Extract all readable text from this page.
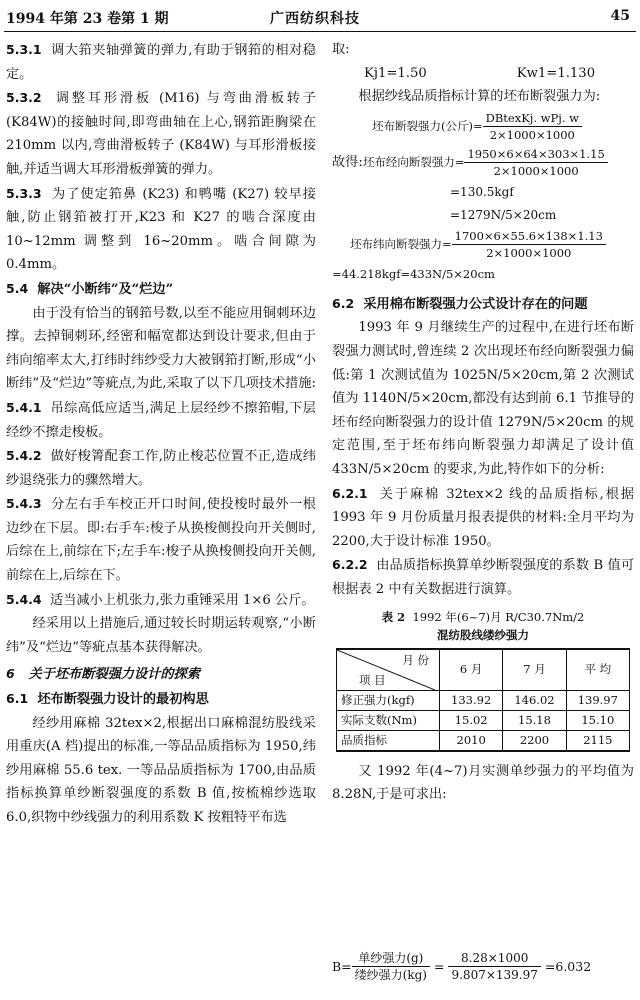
1994 年第 23 卷第 1 期	广西纺织科技	45

5.3.1 调大筘夹轴弹簧的弹力,有助于钢筘的相对稳定。

5.3.2 调整耳形滑板 (M16) 与弯曲滑板转子(K84W)的接触时间,即弯曲轴在上心,钢筘距胸梁在 210mm 以内,弯曲滑板转子 (K84W) 与耳形滑板接触,并适当调大耳形滑板弹簧的弹力。

5.3.3 为了使定筘鼻 (K23) 和鸭嘴 (K27) 较早接触,防止钢筘被打开,K23 和 K27 的啮合深度由 10~12mm 调整到 16~20mm。啮合间隙为 0.4mm。

5.4 解决“小断纬”及“烂边”

由于没有恰当的钢筘号数,以至不能应用铜刺环边撑。去掉铜刺环,经密和幅宽都达到设计要求,但由于纬向缩率太大,打纬时纬纱受力大被钢筘打断,形成“小断纬”及“烂边”等疵点,为此,采取了以下几项技术措施:

5.4.1 吊综高低应适当,满足上层经纱不擦筘帽,下层经纱不擦走梭板。

5.4.2 做好梭箐配套工作,防止梭芯位置不正,造成纬纱退绕张力的骤然增大。

5.4.3 分左右手车校正开口时间,使投梭时最外一根边纱在下层。即:右手车:梭子从换梭侧投向开关侧时,后综在上,前综在下;左手车:梭子从换梭侧投向开关侧,前综在上,后综在下。

5.4.4 适当减小上机张力,张力重锤采用 1×6 公斤。

经采用以上措施后,通过较长时期运转观察,“小断纬”及“烂边”等疵点基本获得解决。

6 关于坯布断裂强力设计的探索

6.1 坯布断裂强力设计的最初构思

经纱用麻棉 32tex×2,根据出口麻棉混纺股线采用重庆(A 档)提出的标准,一等品品质指标为 1950,纬纱用麻棉 55.6 tex. 一等品品质指标为 1700,由品质指标换算单纱断裂强度的系数 B 值,按梳棉纱选取 6.0,织物中纱线强力的利用系数 K 按粗特平布选

取:

Kj1=1.50	Kw1=1.130

根据纱线品质指标计算的坯布断裂强力为:

坯布断裂强力(公斤)= $\frac{\text{DBtexKj. wPj. w}}{2\times 1000\times 1000}$
故得: 坯布经向断裂强力= $\frac{1950\times 6\times 64\times 303\times 1.15}{2\times 1000\times 1000}$
=130.5kgf
=1279N/5×20cm
坯布纬向断裂强力= $\frac{1700\times 6\times 55.6\times 138\times 1.13}{2\times 1000\times 1000}$
=44.218kgf=433N/5×20cm

6.2 采用棉布断裂强力公式设计存在的问题

1993 年 9 月继续生产的过程中,在进行坯布断裂强力测试时,曾连续 2 次出现坯布经向断裂强力偏低:第 1 次测试值为 1025N/5×20cm,第 2 次测试值为 1140N/5×20cm,都没有达到前 6.1 节推导的坯布经向断裂强力的设计值 1279N/5×20cm 的规定范围,至于坯布纬向断裂强力却满足了设计值 433N/5×20cm 的要求,为此,特作如下的分析:

6.2.1 关于麻棉 32tex×2 线的品质指标,根据 1993 年 9 月份质量月报表提供的材料:全月平均为 2200,大于设计标准 1950。

6.2.2 由品质指标换算单纱断裂强度的系数 B 值可根据表 2 中有关数据进行演算。

表 2 1992 年(6~7)月 R/C30.7Nm/2
混纺股线缕纱强力
月 份
项 目	6 月	7 月	平 均
修正强力(kgf)	133.92	146.02	139.97
实际支数(Nm)	15.02	15.18	15.10
品质指标	2010	2200	2115

又 1992 年(4~7)月实测单纱强力的平均值为 8.28N,于是可求出:

$B= \frac{\text{单纱强力(g)}}{\text{缕纱强力(kg)}} = \frac{8.28\times 1000}{9.807\times 139.97} =6.032$
